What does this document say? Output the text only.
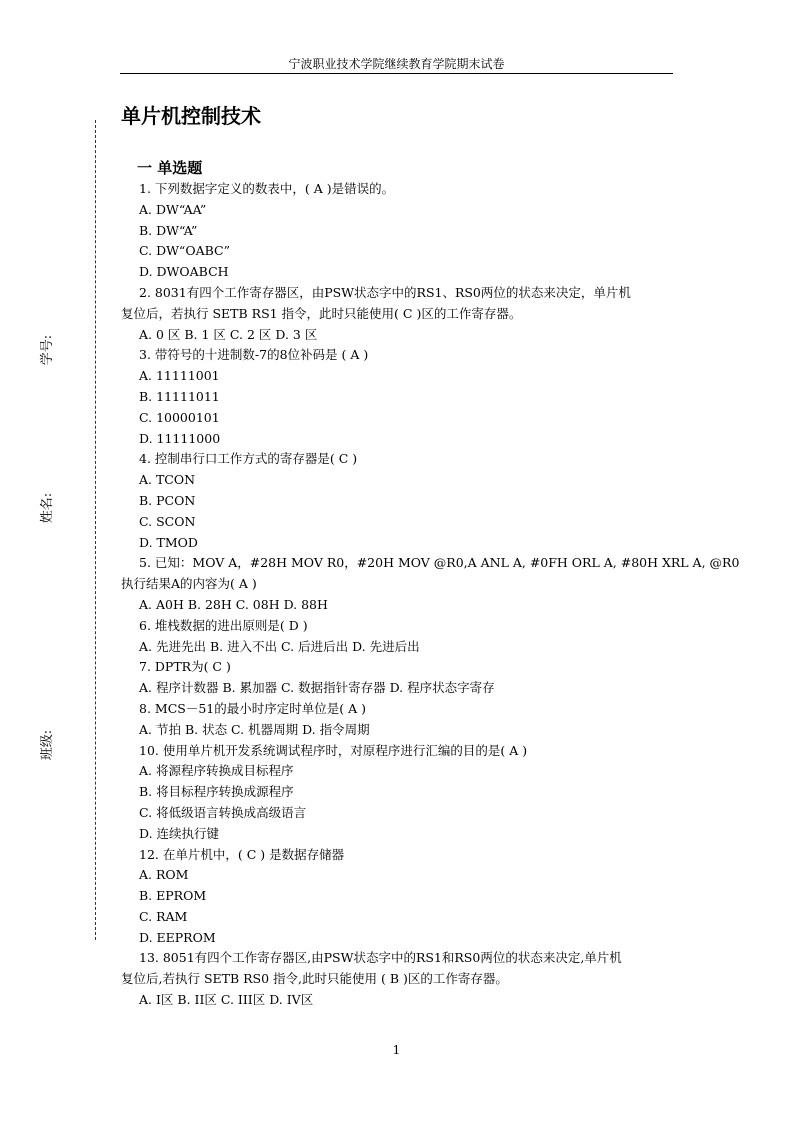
宁波职业技术学院继续教育学院期末试卷
学号:
姓名:
班级:
单片机控制技术
一 单选题
1. 下列数据字定义的数表中，( A )是错误的。
A. DW“AA”
B. DW“A”
C. DW“OABC”
D. DWOABCH
2. 8031有四个工作寄存器区，由PSW状态字中的RS1、RS0两位的状态来决定，单片机
复位后，若执行 SETB RS1 指令，此时只能使用( C )区的工作寄存器。
A. 0 区 B. 1 区 C. 2 区 D. 3 区
3. 带符号的十进制数-7的8位补码是 ( A )
A. 11111001
B. 11111011
C. 10000101
D. 11111000
4. 控制串行口工作方式的寄存器是( C )
A. TCON
B. PCON
C. SCON
D. TMOD
5. 已知：MOV A，#28H MOV R0，#20H MOV @R0,A ANL A, #0FH ORL A, #80H XRL A, @R0
执行结果A的内容为( A )
A. A0H B. 28H C. 08H D. 88H
6. 堆栈数据的进出原则是( D )
A. 先进先出 B. 进入不出 C. 后进后出 D. 先进后出
7. DPTR为( C )
A. 程序计数器 B. 累加器 C. 数据指针寄存器 D. 程序状态字寄存
8. MCS－51的最小时序定时单位是( A )
A. 节拍 B. 状态 C. 机器周期 D. 指令周期
10. 使用单片机开发系统调试程序时，对原程序进行汇编的目的是( A )
A. 将源程序转换成目标程序
B. 将目标程序转换成源程序
C. 将低级语言转换成高级语言
D. 连续执行键
12. 在单片机中，( C ) 是数据存储器
A. ROM
B. EPROM
C. RAM
D. EEPROM
13. 8051有四个工作寄存器区,由PSW状态字中的RS1和RS0两位的状态来决定,单片机
复位后,若执行 SETB RS0 指令,此时只能使用 ( B )区的工作寄存器。
A. I区 B. II区 C. III区 D. IV区
1
